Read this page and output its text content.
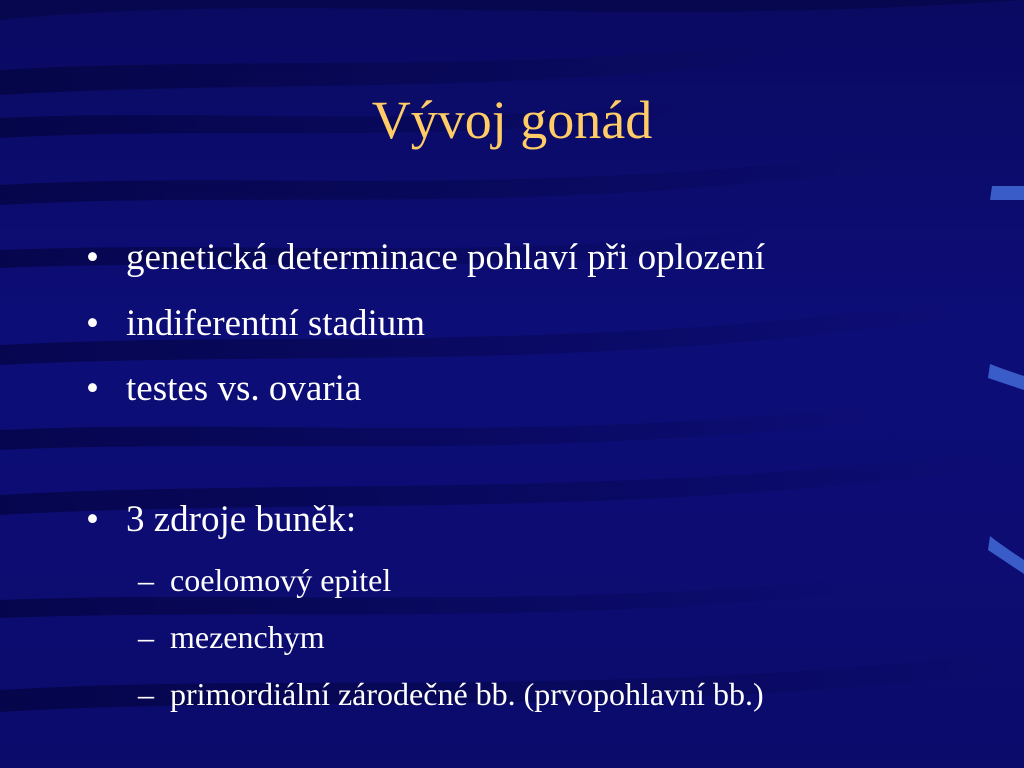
Vývoj gonád
• genetická determinace pohlaví při oplození
• indiferentní stadium
• testes vs. ovaria
• 3 zdroje buněk:
– coelomový epitel
– mezenchym
– primordiální zárodečné bb. (prvopohlavní bb.)
